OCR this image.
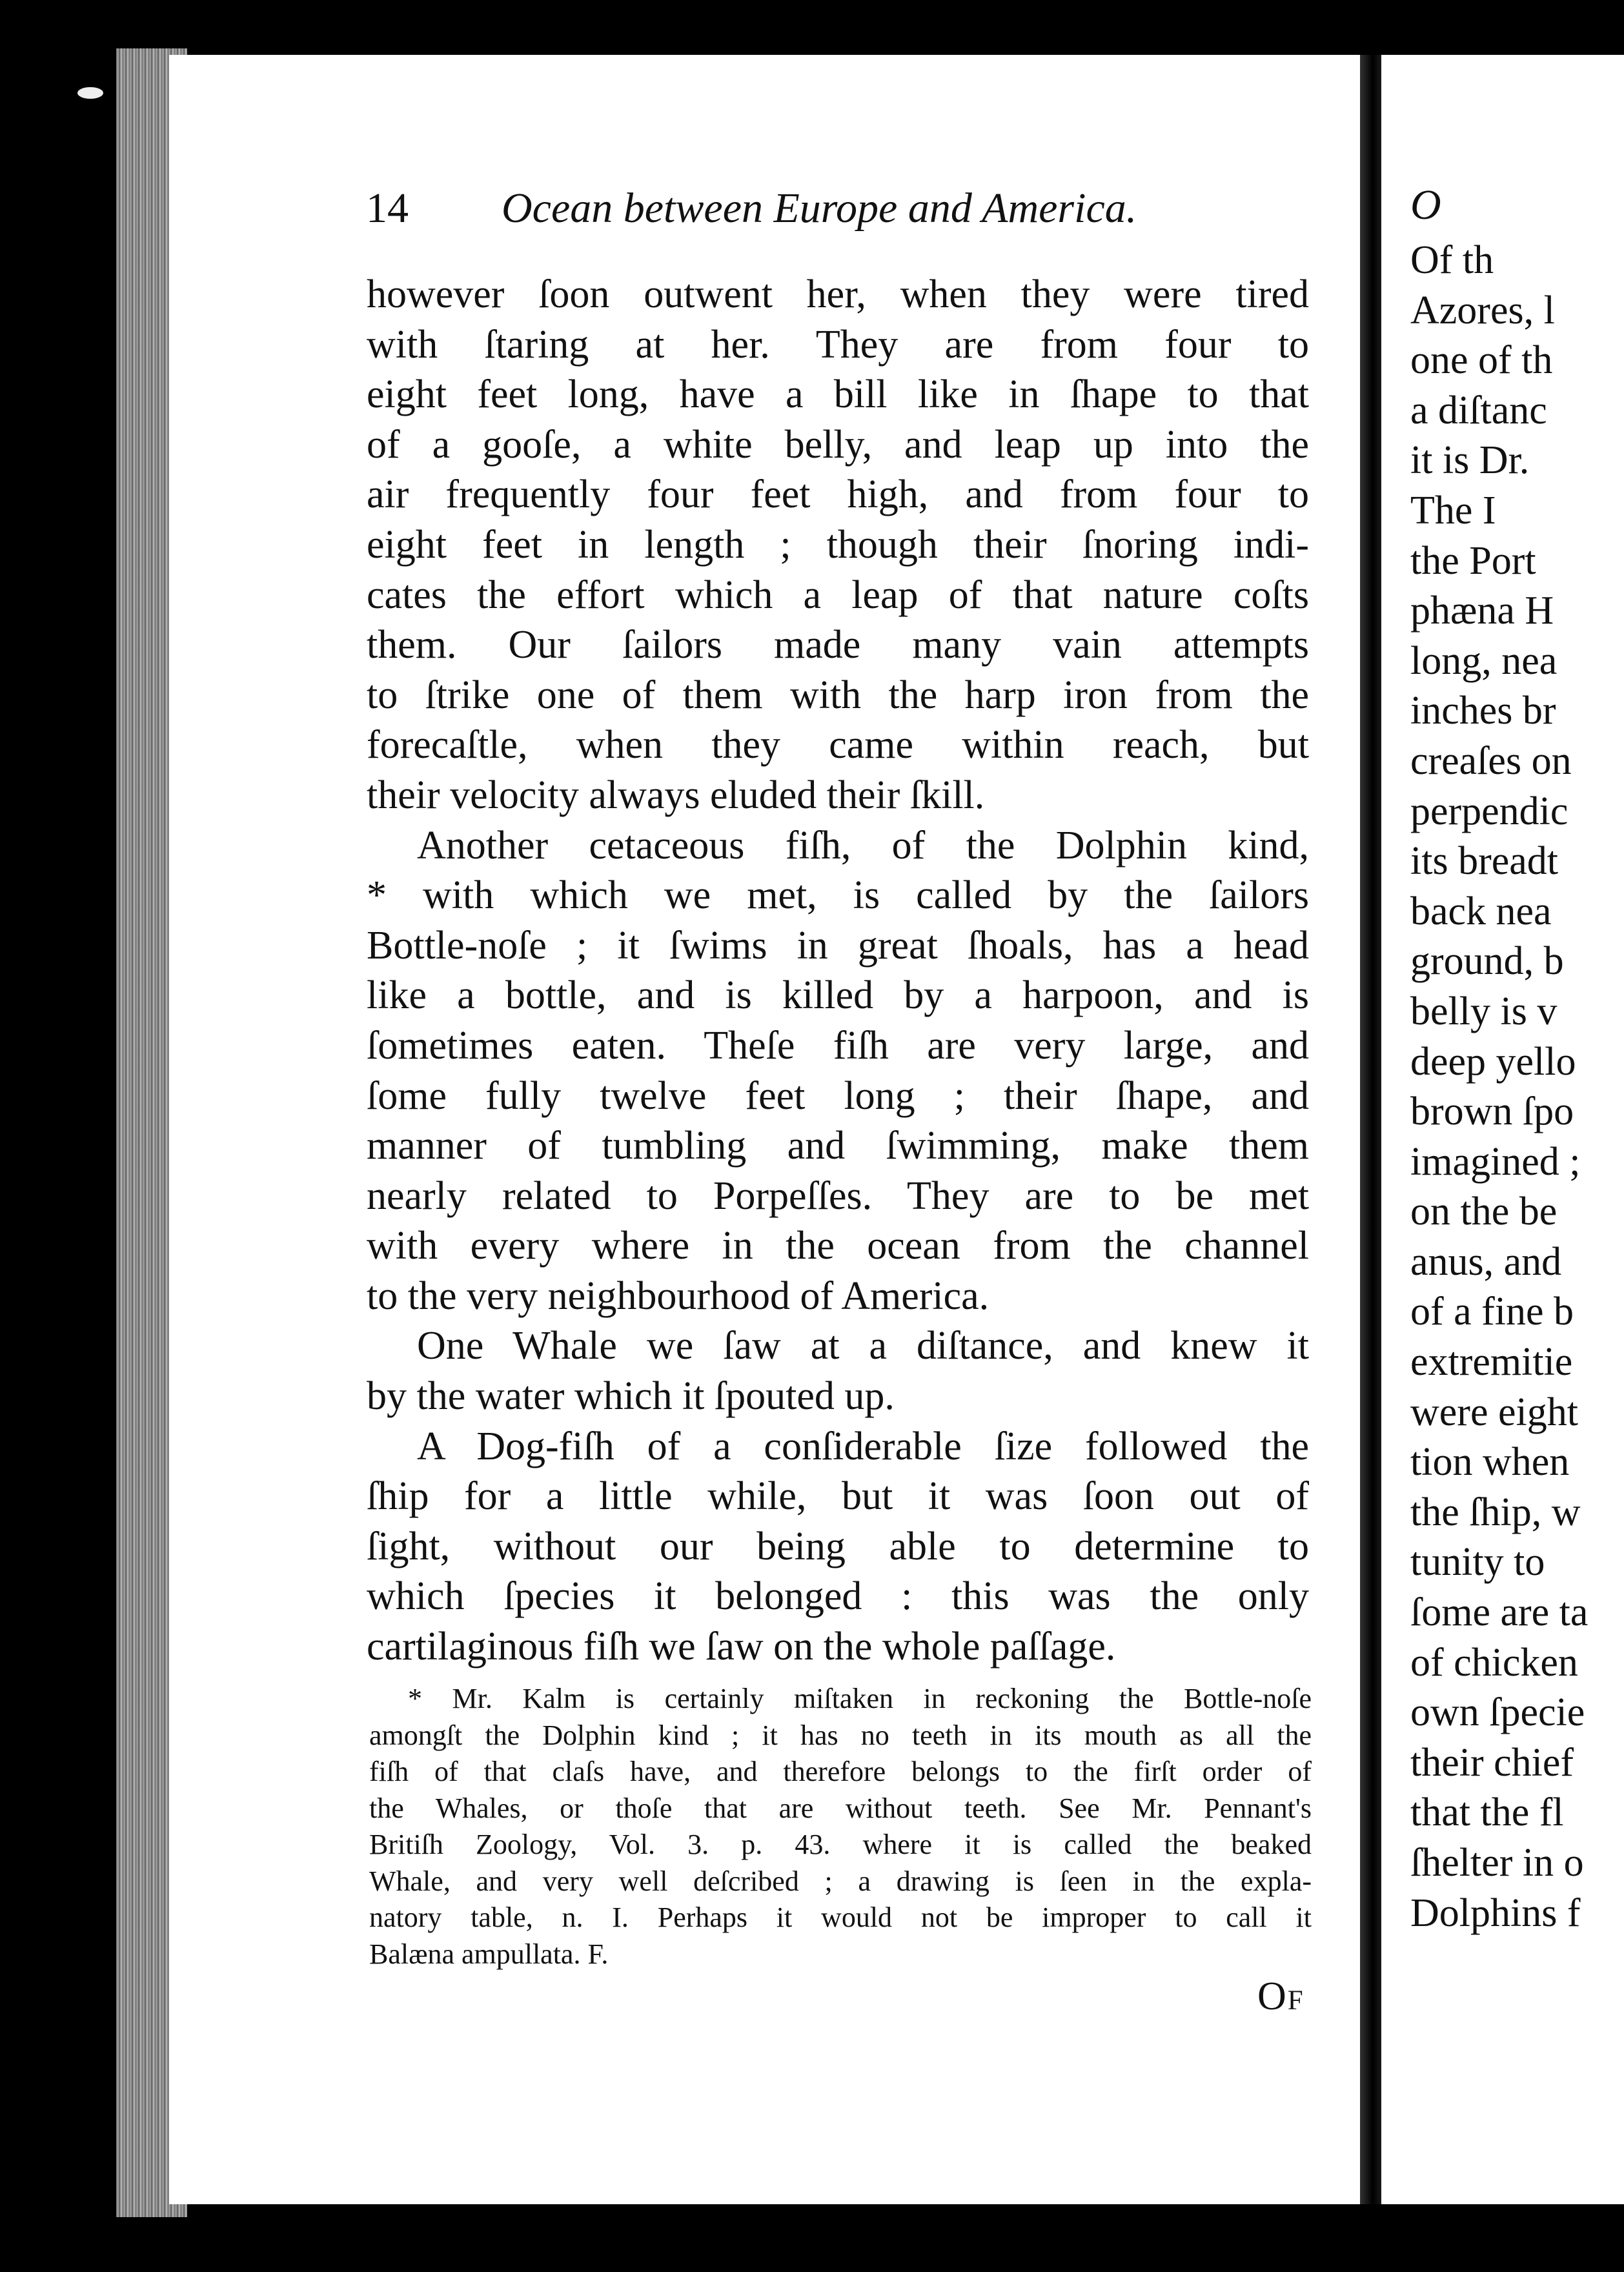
14 Ocean between Europe and America.
however ſoon outwent her, when they were tired
with ſtaring at her. They are from four to
eight feet long, have a bill like in ſhape to that
of a gooſe, a white belly, and leap up into the
air frequently four feet high, and from four to
eight feet in length ; though their ſnoring indi-
cates the effort which a leap of that nature coſts
them. Our ſailors made many vain attempts
to ſtrike one of them with the harp iron from the
forecaſtle, when they came within reach, but
their velocity always eluded their ſkill.
Another cetaceous fiſh, of the Dolphin kind,
* with which we met, is called by the ſailors
Bottle-noſe ; it ſwims in great ſhoals, has a head
like a bottle, and is killed by a harpoon, and is
ſometimes eaten. Theſe fiſh are very large, and
ſome fully twelve feet long ; their ſhape, and
manner of tumbling and ſwimming, make them
nearly related to Porpeſſes. They are to be met
with every where in the ocean from the channel
to the very neighbourhood of America.
One Whale we ſaw at a diſtance, and knew it
by the water which it ſpouted up.
A Dog-fiſh of a conſiderable ſize followed the
ſhip for a little while, but it was ſoon out of
ſight, without our being able to determine to
which ſpecies it belonged : this was the only
cartilaginous fiſh we ſaw on the whole paſſage.
* Mr. Kalm is certainly miſtaken in reckoning the Bottle-noſe
amongſt the Dolphin kind ; it has no teeth in its mouth as all the
fiſh of that claſs have, and therefore belongs to the firſt order of
the Whales, or thoſe that are without teeth. See Mr. Pennant's
Britiſh Zoology, Vol. 3. p. 43. where it is called the beaked
Whale, and very well deſcribed ; a drawing is ſeen in the expla-
natory table, n. I. Perhaps it would not be improper to call it
Balæna ampullata. F.
Of
O
Of th
Azores, l
one of th
a diſtanc
it is Dr.
The I
the Port
phæna H
long, nea
inches br
creaſes on
perpendic
its breadt
back nea
ground, b
belly is v
deep yello
brown ſpo
imagined ;
on the be
anus, and
of a fine b
extremitie
were eight
tion when
the ſhip, w
tunity to
ſome are ta
of chicken
own ſpecie
their chief
that the fl
ſhelter in o
Dolphins f
